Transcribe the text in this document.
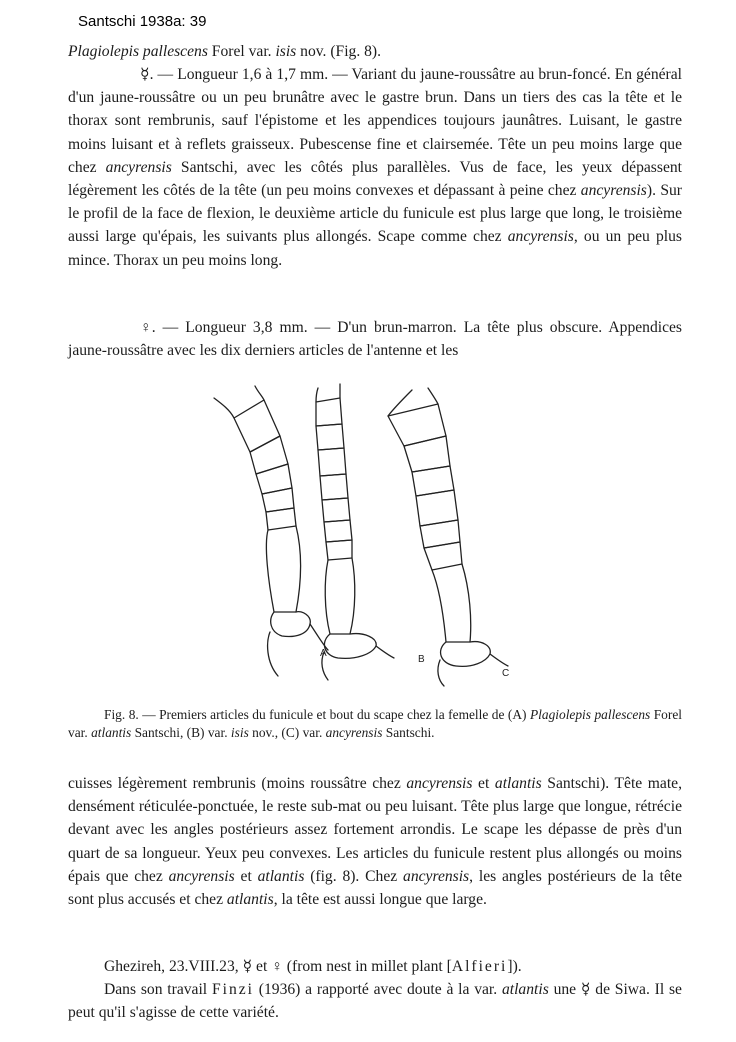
Santschi 1938a: 39

Plagiolepis pallescens Forel var. isis nov. (Fig. 8).

☿. — Longueur 1,6 à 1,7 mm. — Variant du jaune-roussâtre au brun-foncé. En général d'un jaune-roussâtre ou un peu brunâtre avec le gastre brun. Dans un tiers des cas la tête et le thorax sont rembrunis, sauf l'épistome et les appendices toujours jaunâtres. Luisant, le gastre moins luisant et à reflets graisseux. Pubescense fine et clairsemée. Tête un peu moins large que chez ancyrensis Santschi, avec les côtés plus parallèles. Vus de face, les yeux dépassent légèrement les côtés de la tête (un peu moins convexes et dépassant à peine chez ancyrensis). Sur le profil de la face de flexion, le deuxième article du funicule est plus large que long, le troisième aussi large qu'épais, les suivants plus allongés. Scape comme chez ancyrensis, ou un peu plus mince. Thorax un peu moins long.

♀. — Longueur 3,8 mm. — D'un brun-marron. La tête plus obscure. Appendices jaune-roussâtre avec les dix derniers articles de l'antenne et les

A
B
C

Fig. 8. — Premiers articles du funicule et bout du scape chez la femelle de (A) Plagiolepis pallescens Forel var. atlantis Santschi, (B) var. isis nov., (C) var. ancyrensis Santschi.

cuisses légèrement rembrunis (moins roussâtre chez ancyrensis et atlantis Santschi). Tête mate, densément réticulée-ponctuée, le reste sub-mat ou peu luisant. Tête plus large que longue, rétrécie devant avec les angles postérieurs assez fortement arrondis. Le scape les dépasse de près d'un quart de sa longueur. Yeux peu convexes. Les articles du funicule restent plus allongés ou moins épais que chez ancyrensis et atlantis (fig. 8). Chez ancyrensis, les angles postérieurs de la tête sont plus accusés et chez atlantis, la tête est aussi longue que large.

Ghezireh, 23.VIII.23, ☿ et ♀ (from nest in millet plant [Alfieri]).

Dans son travail Finzi (1936) a rapporté avec doute à la var. atlantis une ☿ de Siwa. Il se peut qu'il s'agisse de cette variété.
